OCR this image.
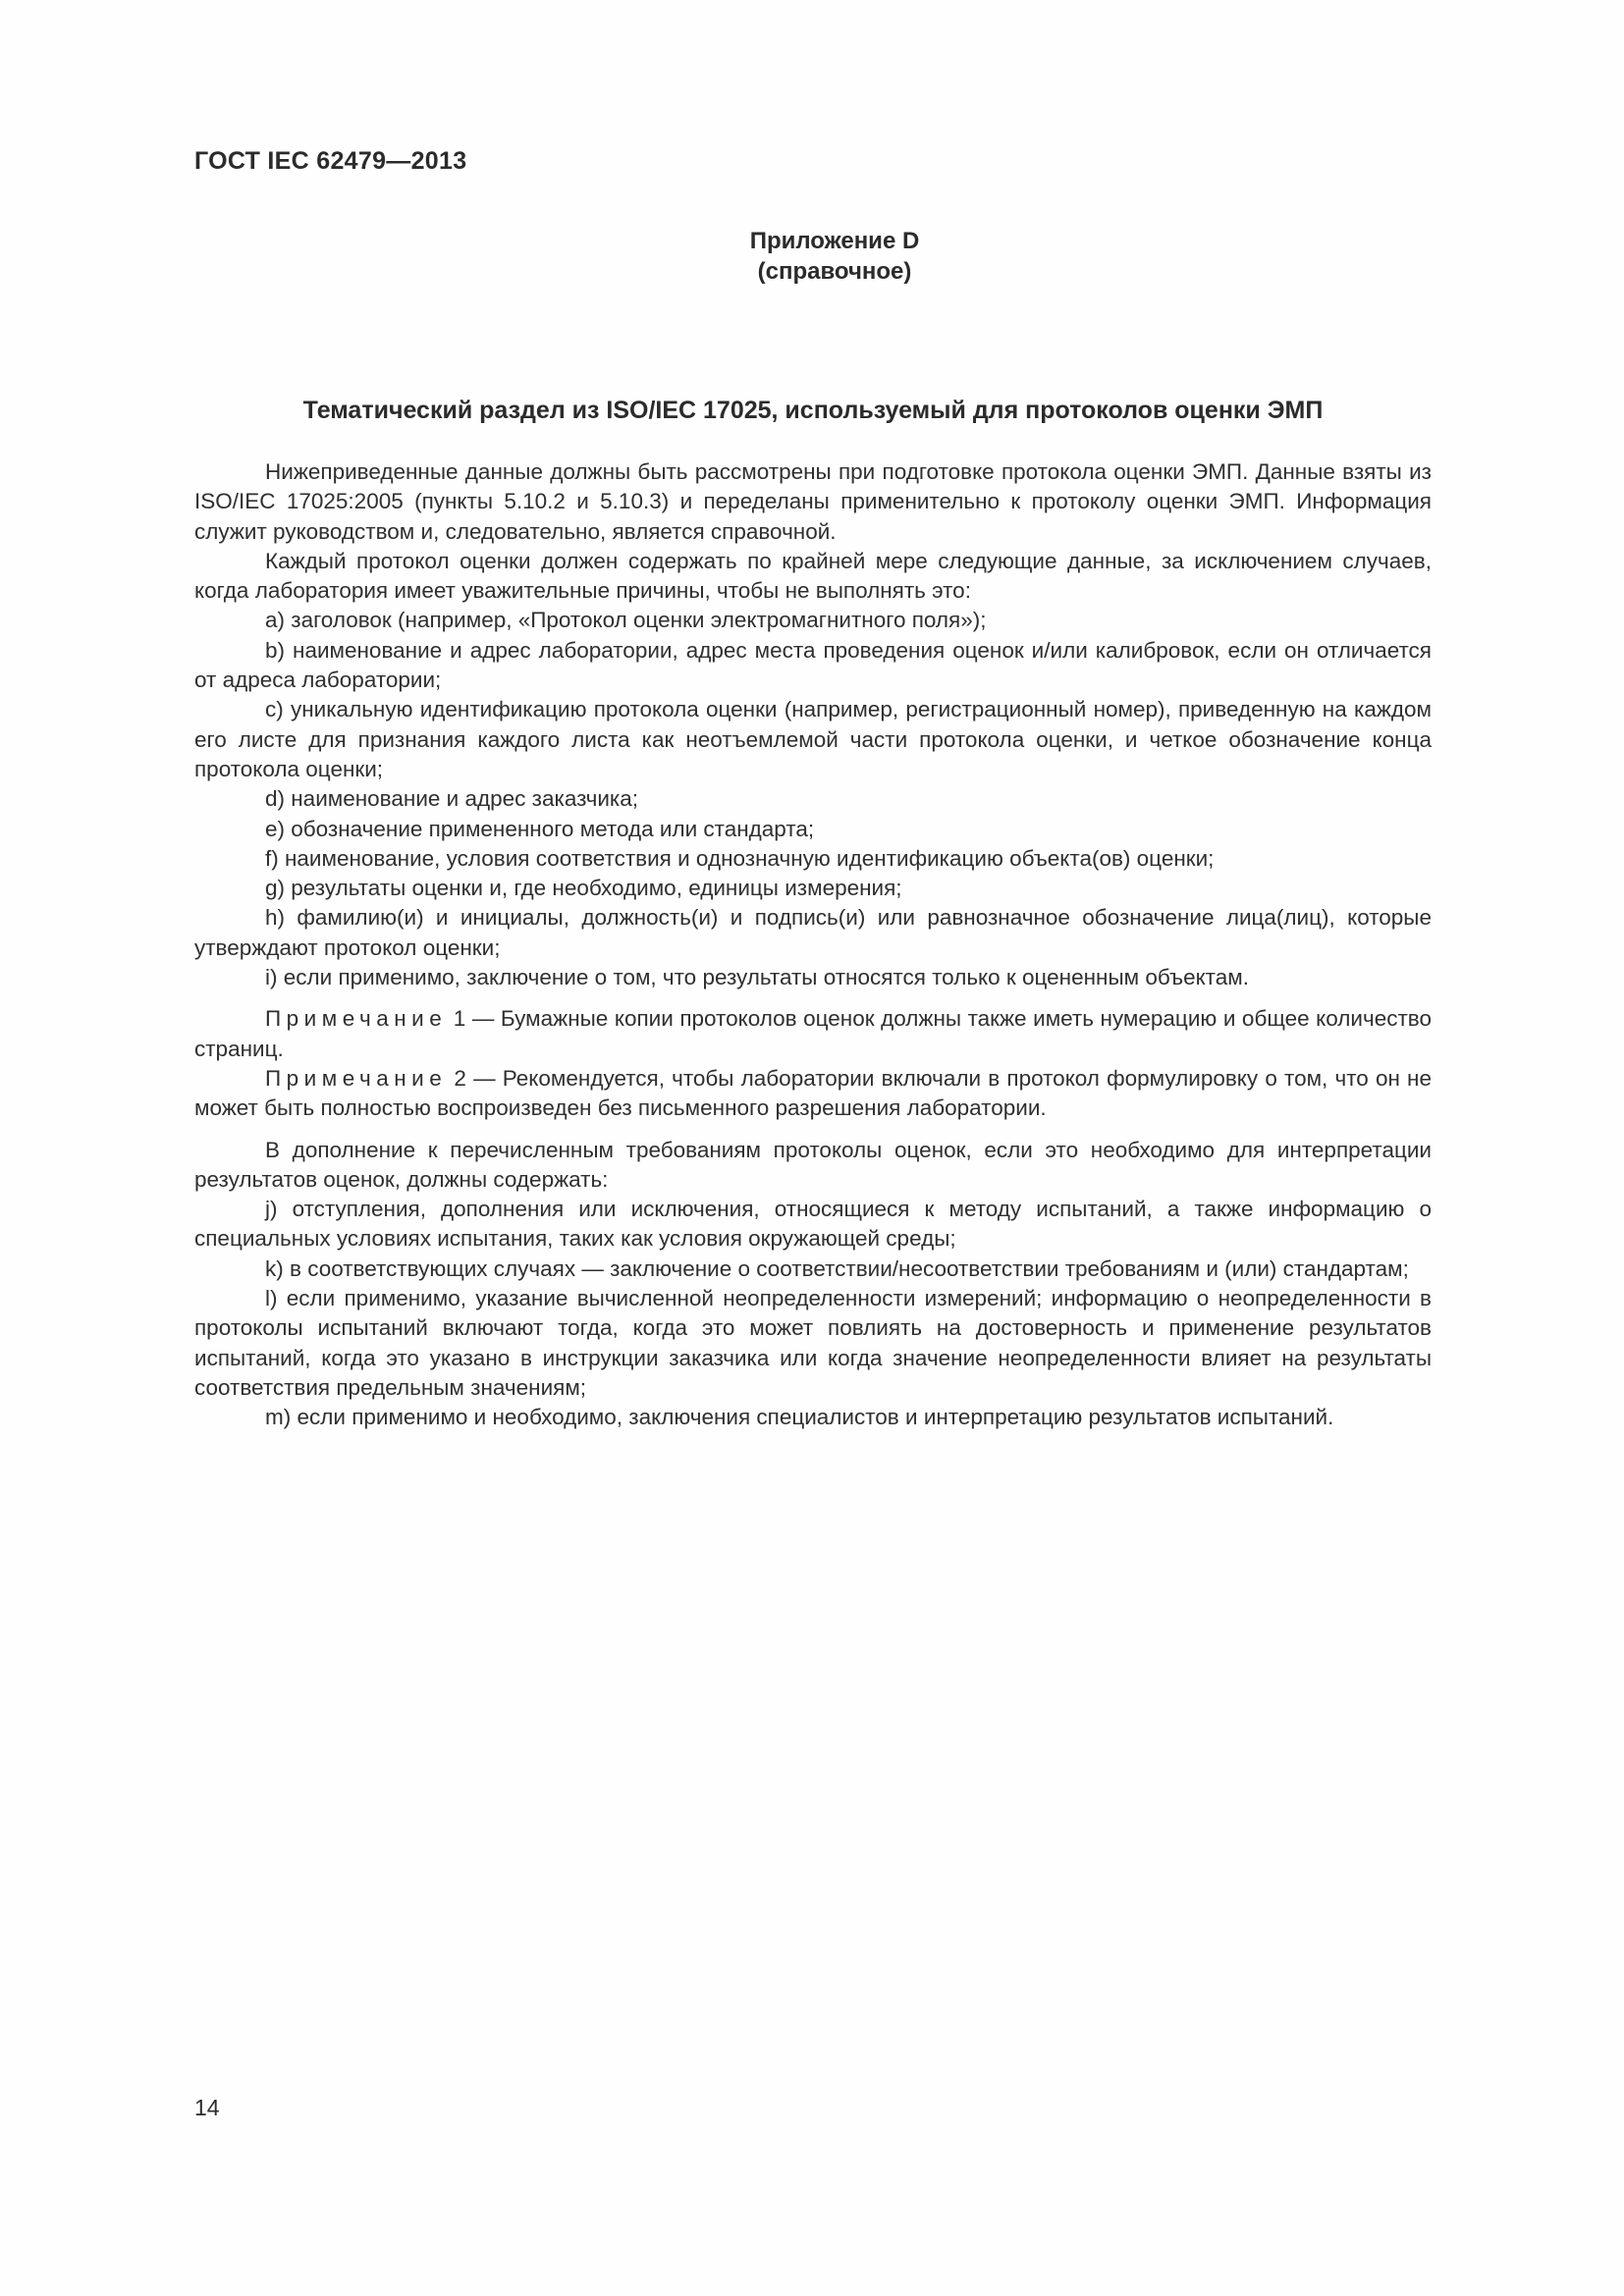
ГОСТ IEC 62479—2013
Приложение D
(справочное)
Тематический раздел из ISO/IEC 17025, используемый для протоколов оценки ЭМП

Нижеприведенные данные должны быть рассмотрены при подготовке протокола оценки ЭМП. Данные взяты из ISO/IEC 17025:2005 (пункты 5.10.2 и 5.10.3) и переделаны применительно к протоколу оценки ЭМП. Информация служит руководством и, следовательно, является справочной.

Каждый протокол оценки должен содержать по крайней мере следующие данные, за исключением случаев, когда лаборатория имеет уважительные причины, чтобы не выполнять это:

a) заголовок (например, «Протокол оценки электромагнитного поля»);

b) наименование и адрес лаборатории, адрес места проведения оценок и/или калибровок, если он отличается от адреса лаборатории;

c) уникальную идентификацию протокола оценки (например, регистрационный номер), приведенную на каждом его листе для признания каждого листа как неотъемлемой части протокола оценки, и четкое обозначение конца протокола оценки;

d) наименование и адрес заказчика;

e) обозначение примененного метода или стандарта;

f) наименование, условия соответствия и однозначную идентификацию объекта(ов) оценки;

g) результаты оценки и, где необходимо, единицы измерения;

h) фамилию(и) и инициалы, должность(и) и подпись(и) или равнозначное обозначение лица(лиц), которые утверждают протокол оценки;

i) если применимо, заключение о том, что результаты относятся только к оцененным объектам.

Примечание 1 — Бумажные копии протоколов оценок должны также иметь нумерацию и общее количество страниц.

Примечание 2 — Рекомендуется, чтобы лаборатории включали в протокол формулировку о том, что он не может быть полностью воспроизведен без письменного разрешения лаборатории.

В дополнение к перечисленным требованиям протоколы оценок, если это необходимо для интерпретации результатов оценок, должны содержать:

j) отступления, дополнения или исключения, относящиеся к методу испытаний, а также информацию о специальных условиях испытания, таких как условия окружающей среды;

k) в соответствующих случаях — заключение о соответствии/несоответствии требованиям и (или) стандартам;

l) если применимо, указание вычисленной неопределенности измерений; информацию о неопределенности в протоколы испытаний включают тогда, когда это может повлиять на достоверность и применение результатов испытаний, когда это указано в инструкции заказчика или когда значение неопределенности влияет на результаты соответствия предельным значениям;

m) если применимо и необходимо, заключения специалистов и интерпретацию результатов испытаний.

14
